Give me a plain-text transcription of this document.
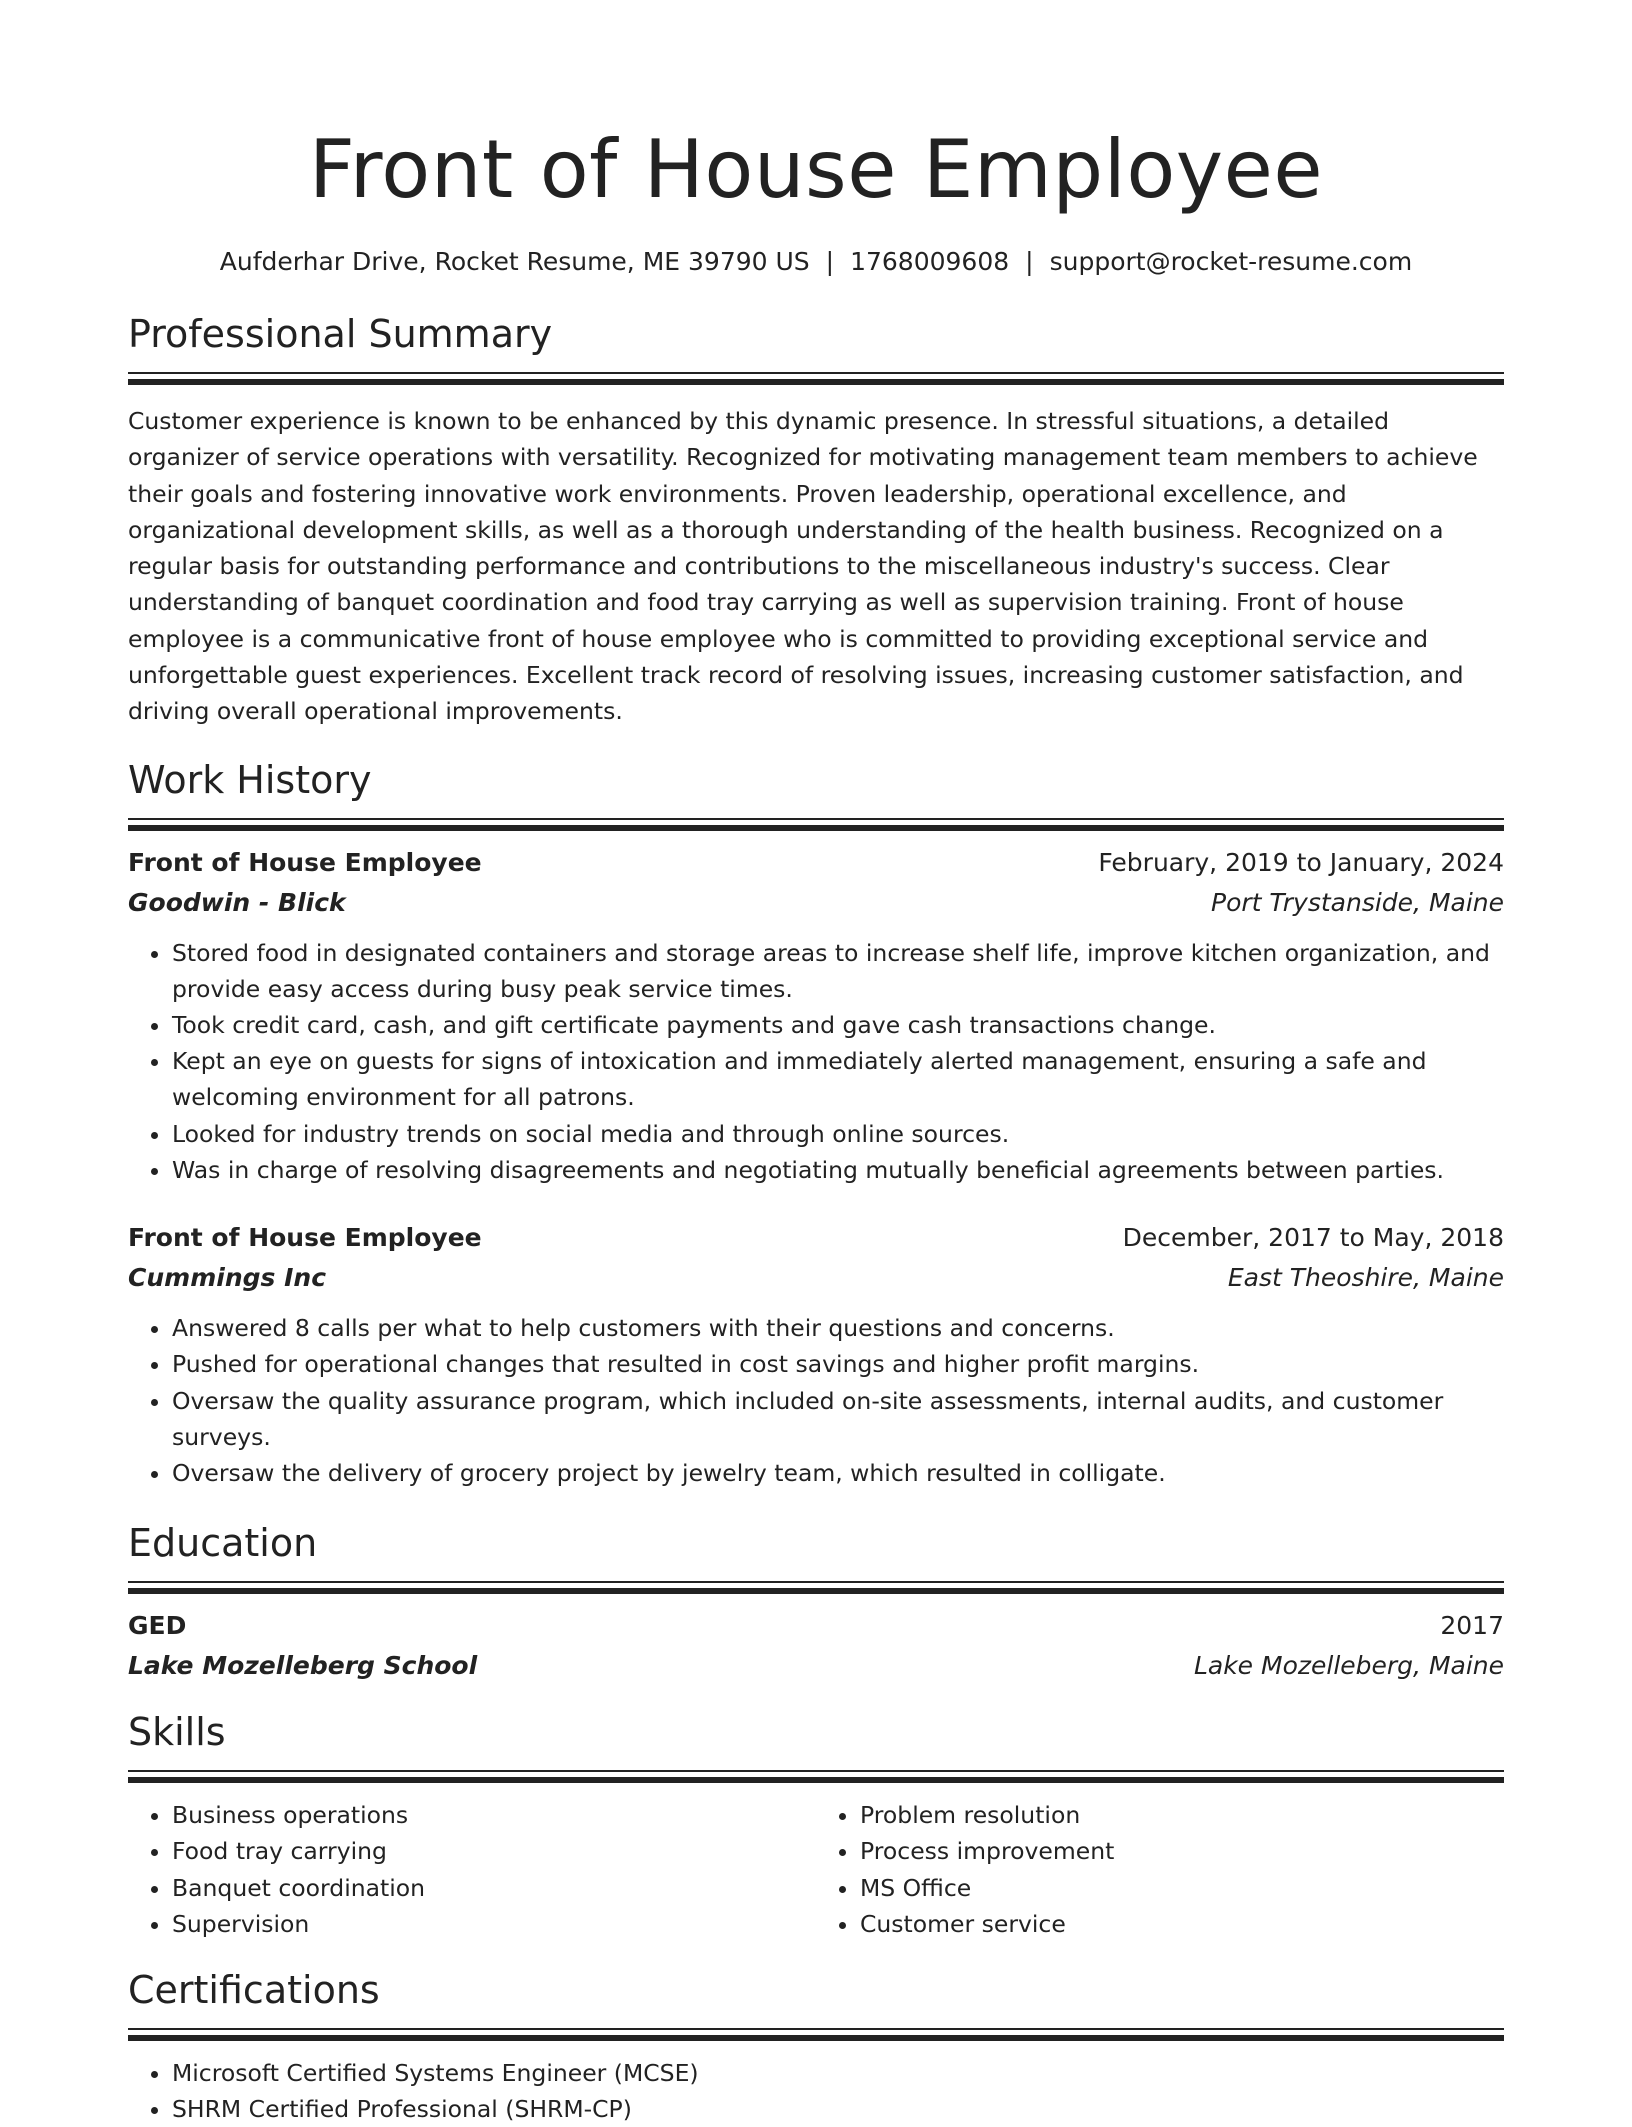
Front of House Employee
Aufderhar Drive, Rocket Resume, ME 39790 US | 1768009608 | support@rocket-resume.com
Professional Summary

Customer experience is known to be enhanced by this dynamic presence. In stressful situations, a detailed organizer of service operations with versatility. Recognized for motivating management team members to achieve their goals and fostering innovative work environments. Proven leadership, operational excellence, and organizational development skills, as well as a thorough understanding of the health business. Recognized on a regular basis for outstanding performance and contributions to the miscellaneous industry's success. Clear understanding of banquet coordination and food tray carrying as well as supervision training. Front of house employee is a communicative front of house employee who is committed to providing exceptional service and unforgettable guest experiences. Excellent track record of resolving issues, increasing customer satisfaction, and driving overall operational improvements.

Work History
Front of House Employee	February, 2019 to January, 2024
Goodwin - Blick	Port Trystanside, Maine
• Stored food in designated containers and storage areas to increase shelf life, improve kitchen organization, and provide easy access during busy peak service times.
• Took credit card, cash, and gift certificate payments and gave cash transactions change.
• Kept an eye on guests for signs of intoxication and immediately alerted management, ensuring a safe and welcoming environment for all patrons.
• Looked for industry trends on social media and through online sources.
• Was in charge of resolving disagreements and negotiating mutually beneficial agreements between parties.
Front of House Employee	December, 2017 to May, 2018
Cummings Inc	East Theoshire, Maine
• Answered 8 calls per what to help customers with their questions and concerns.
• Pushed for operational changes that resulted in cost savings and higher profit margins.
• Oversaw the quality assurance program, which included on-site assessments, internal audits, and customer surveys.
• Oversaw the delivery of grocery project by jewelry team, which resulted in colligate.
Education
GED	2017
Lake Mozelleberg School	Lake Mozelleberg, Maine
Skills
• Business operations
• Food tray carrying
• Banquet coordination
• Supervision
• Problem resolution
• Process improvement
• MS Office
• Customer service
Certifications
• Microsoft Certified Systems Engineer (MCSE)
• SHRM Certified Professional (SHRM-CP)
